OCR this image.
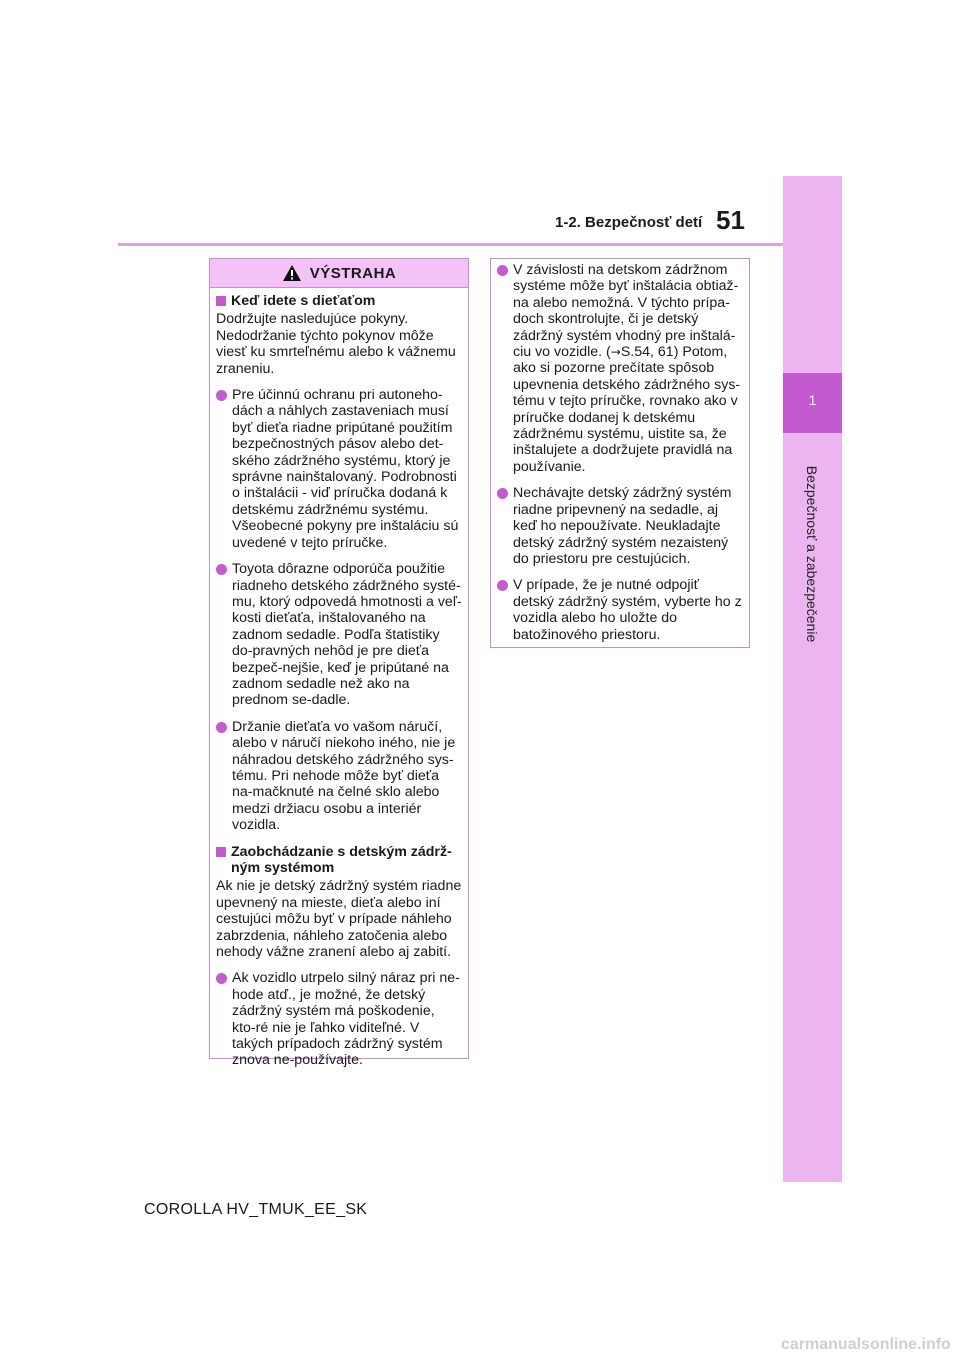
1-2. Bezpečnosť detí 51
1
Bezpečnosť a zabezpečenie
VÝSTRAHA
Keď idete s dieťaťom

Dodržujte nasledujúce pokyny. Nedodržanie týchto pokynov môže viesť ku smrteľnému alebo k vážnemu zraneniu.

Pre účinnú ochranu pri autoneho-dách a náhlych zastaveniach musí byť dieťa riadne pripútané použitím bezpečnostných pásov alebo det-ského zádržného systému, ktorý je správne nainštalovaný. Podrobnosti o inštalácii - viď príručka dodaná k detskému zádržnému systému. Všeobecné pokyny pre inštaláciu sú uvedené v tejto príručke.
Toyota dôrazne odporúča použitie riadneho detského zádržného systé-mu, ktorý odpovedá hmotnosti a veľ-kosti dieťaťa, inštalovaného na zadnom sedadle. Podľa štatistiky do-pravných nehôd je pre dieťa bezpeč-nejšie, keď je pripútané na zadnom sedadle než ako na prednom se-dadle.
Držanie dieťaťa vo vašom náručí, alebo v náručí niekoho iného, nie je náhradou detského zádržného sys-tému. Pri nehode môže byť dieťa na-mačknuté na čelné sklo alebo medzi držiacu osobu a interiér vozidla.
Zaobchádzanie s detským zádrž-ným systémom

Ak nie je detský zádržný systém riadne upevnený na mieste, dieťa alebo iní cestujúci môžu byť v prípade náhleho zabrzdenia, náhleho zatočenia alebo nehody vážne zranení alebo aj zabití.

Ak vozidlo utrpelo silný náraz pri ne-hode atď., je možné, že detský zádržný systém má poškodenie, kto-ré nie je ľahko viditeľné. V takých prípadoch zádržný systém znova ne-používajte.
V závislosti na detskom zádržnom systéme môže byť inštalácia obtiaž-na alebo nemožná. V týchto prípa-doch skontrolujte, či je detský zádržný systém vhodný pre inštalá-ciu vo vozidle. (→S.54, 61) Potom, ako si pozorne prečítate spôsob upevnenia detského zádržného sys-tému v tejto príručke, rovnako ako v príručke dodanej k detskému zádržnému systému, uistite sa, že inštalujete a dodržujete pravidlá na používanie.
Nechávajte detský zádržný systém riadne pripevnený na sedadle, aj keď ho nepoužívate. Neukladajte detský zádržný systém nezaistený do priestoru pre cestujúcich.
V prípade, že je nutné odpojiť detský zádržný systém, vyberte ho z vozidla alebo ho uložte do batožinového priestoru.
COROLLA HV_TMUK_EE_SK
carmanualsonline.info
